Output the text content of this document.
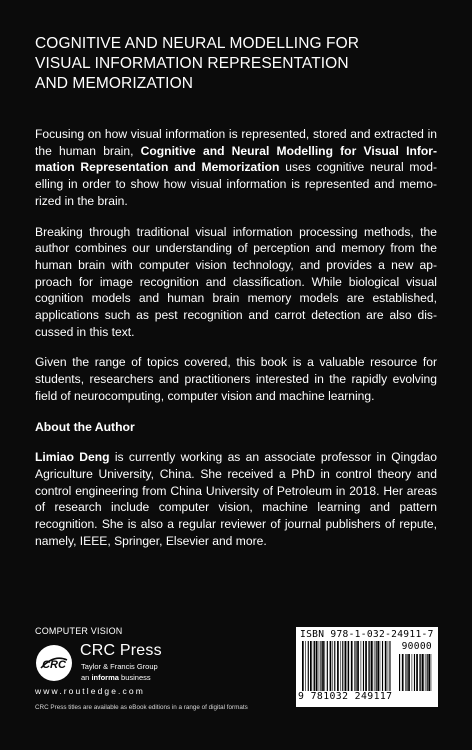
COGNITIVE AND NEURAL MODELLING FOR
VISUAL INFORMATION REPRESENTATION
AND MEMORIZATION

Focusing on how visual information is represented, stored and extracted in the human brain, Cognitive and Neural Modelling for Visual Information Representation and Memorization uses cognitive neural modelling in order to show how visual information is represented and memorized in the brain.

Breaking through traditional visual information processing methods, the author combines our understanding of perception and memory from the human brain with computer vision technology, and provides a new approach for image recognition and classification. While biological visual cognition models and human brain memory models are established, applications such as pest recognition and carrot detection are also discussed in this text.

Given the range of topics covered, this book is a valuable resource for students, researchers and practitioners interested in the rapidly evolving field of neurocomputing, computer vision and machine learning.

About the Author

Limiao Deng is currently working as an associate professor in Qingdao Agriculture University, China. She received a PhD in control theory and control engineering from China University of Petroleum in 2018. Her areas of research include computer vision, machine learning and pattern recognition. She is also a regular reviewer of journal publishers of repute, namely, IEEE, Springer, Elsevier and more.

COMPUTER VISION
CRC
CRC Press
Taylor & Francis Group
an informa business
www.routledge.com
CRC Press titles are available as eBook editions in a range of digital formats
ISBN 978-1-032-24911-7
90000
9 781032 249117
